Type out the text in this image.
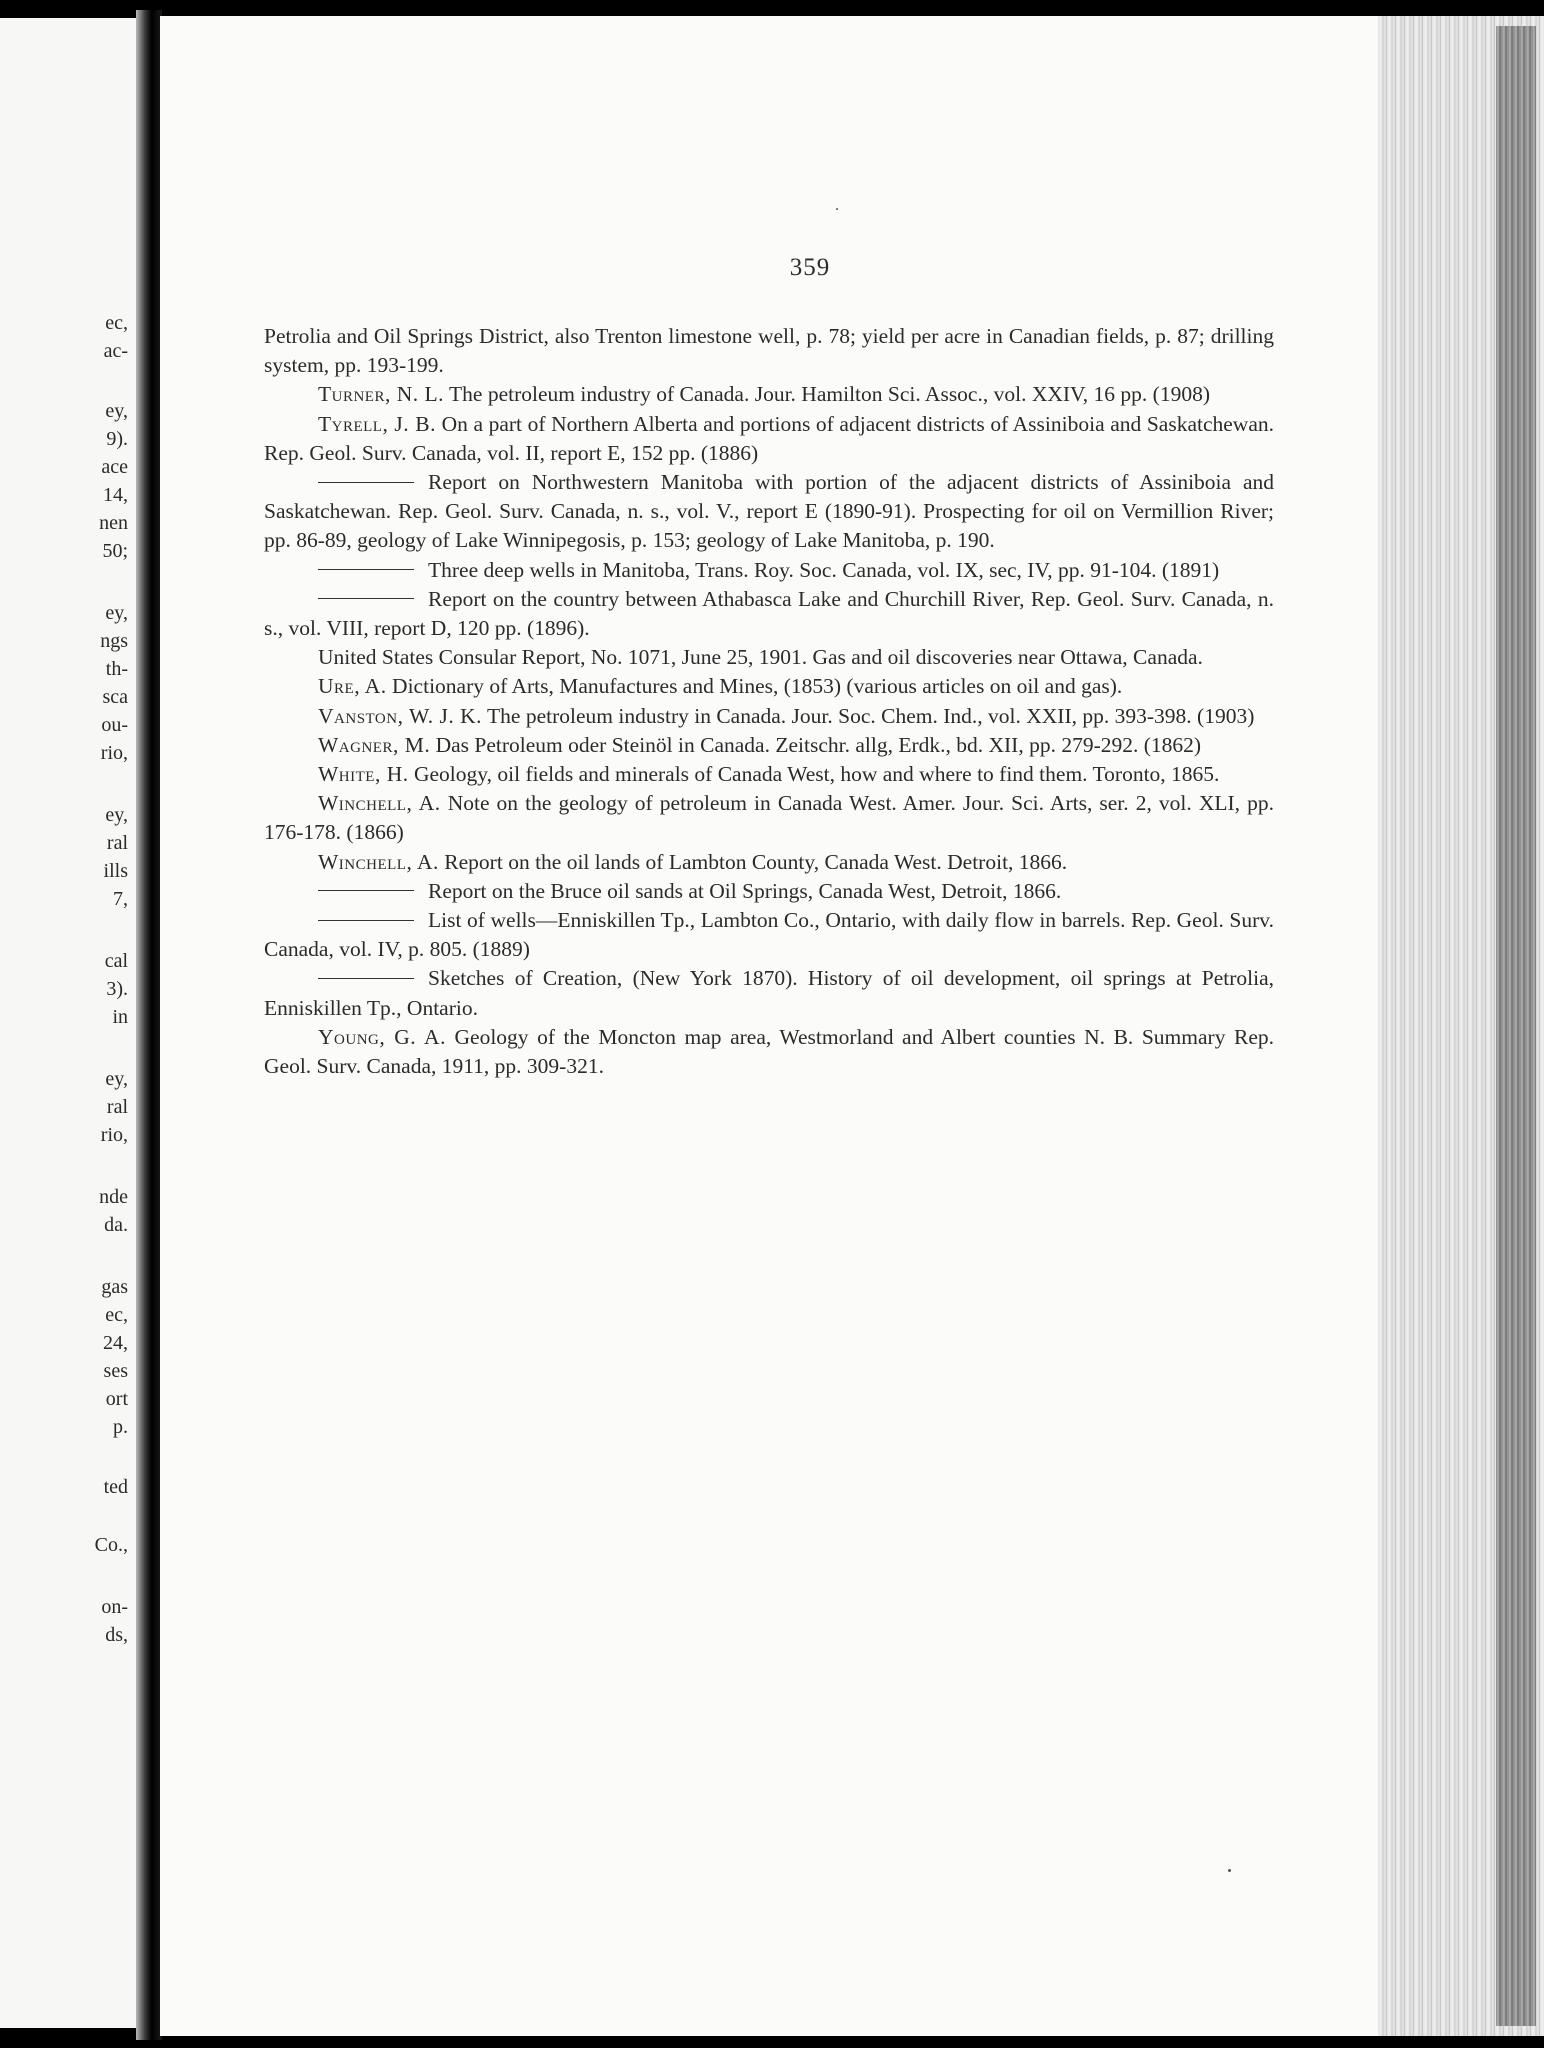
ec,
ac-
ey,
9).
ace
14,
nen
50;
ey,
ngs
th-
sca
ou-
rio,
ey,
ral
ills
7,
cal
3).
in
ey,
ral
rio,
nde
da.
gas
ec,
24,
ses
ort
p.
ted
Co.,
on-
ds,
359

Petrolia and Oil Springs District, also Trenton limestone well, p. 78; yield per acre in Canadian fields, p. 87; drilling system, pp. 193-199.

Turner, N. L. The petroleum industry of Canada. Jour. Hamilton Sci. Assoc., vol. XXIV, 16 pp. (1908)

Tyrell, J. B. On a part of Northern Alberta and portions of adjacent districts of Assiniboia and Saskatchewan. Rep. Geol. Surv. Canada, vol. II, report E, 152 pp. (1886)

Report on Northwestern Manitoba with portion of the adjacent districts of Assiniboia and Saskatchewan. Rep. Geol. Surv. Canada, n. s., vol. V., report E (1890-91). Prospecting for oil on Vermillion River; pp. 86-89, geology of Lake Winnipegosis, p. 153; geology of Lake Manitoba, p. 190.

Three deep wells in Manitoba, Trans. Roy. Soc. Canada, vol. IX, sec, IV, pp. 91-104. (1891)

Report on the country between Athabasca Lake and Churchill River, Rep. Geol. Surv. Canada, n. s., vol. VIII, report D, 120 pp. (1896).

United States Consular Report, No. 1071, June 25, 1901. Gas and oil discoveries near Ottawa, Canada.

Ure, A. Dictionary of Arts, Manufactures and Mines, (1853) (various articles on oil and gas).

Vanston, W. J. K. The petroleum industry in Canada. Jour. Soc. Chem. Ind., vol. XXII, pp. 393-398. (1903)

Wagner, M. Das Petroleum oder Steinöl in Canada. Zeitschr. allg, Erdk., bd. XII, pp. 279-292. (1862)

White, H. Geology, oil fields and minerals of Canada West, how and where to find them. Toronto, 1865.

Winchell, A. Note on the geology of petroleum in Canada West. Amer. Jour. Sci. Arts, ser. 2, vol. XLI, pp. 176-178. (1866)

Winchell, A. Report on the oil lands of Lambton County, Canada West. Detroit, 1866.

Report on the Bruce oil sands at Oil Springs, Canada West, Detroit, 1866.

List of wells—Enniskillen Tp., Lambton Co., Ontario, with daily flow in barrels. Rep. Geol. Surv. Canada, vol. IV, p. 805. (1889)

Sketches of Creation, (New York 1870). History of oil development, oil springs at Petrolia, Enniskillen Tp., Ontario.

Young, G. A. Geology of the Moncton map area, Westmorland and Albert counties N. B. Summary Rep. Geol. Surv. Canada, 1911, pp. 309-321.
